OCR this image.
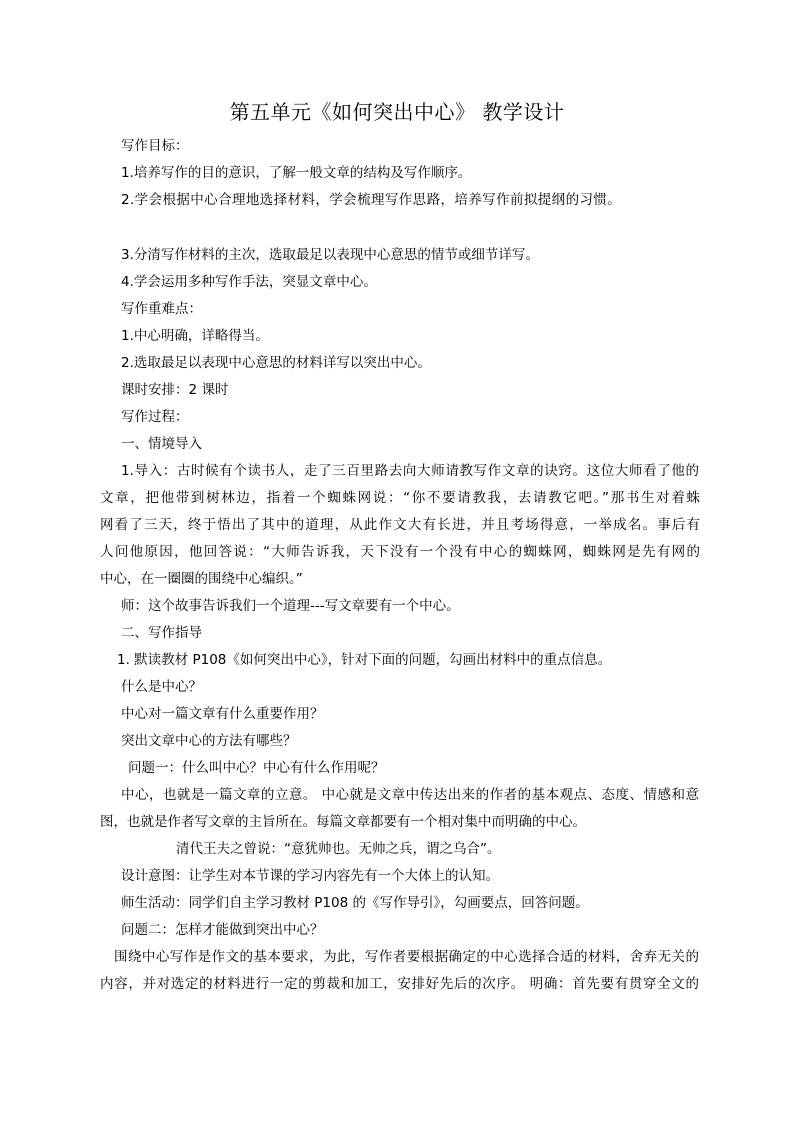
第五单元《如何突出中心》 教学设计
写作目标：
1.培养写作的目的意识，了解一般文章的结构及写作顺序。
2.学会根据中心合理地选择材料，学会梳理写作思路，培养写作前拟提纲的习惯。
3.分清写作材料的主次，选取最足以表现中心意思的情节或细节详写。
4.学会运用多种写作手法，突显文章中心。
写作重难点：
1.中心明确，详略得当。
2.选取最足以表现中心意思的材料详写以突出中心。
课时安排：2 课时
写作过程：
一、情境导入
1.导入：古时候有个读书人，走了三百里路去向大师请教写作文章的诀窍。这位大师看了他的
文章，把他带到树林边，指着一个蜘蛛网说：“你不要请教我，去请教它吧。”那书生对着蛛
网看了三天，终于悟出了其中的道理，从此作文大有长进，并且考场得意，一举成名。事后有
人问他原因，他回答说：“大师告诉我，天下没有一个没有中心的蜘蛛网，蜘蛛网是先有网的
中心，在一圈圈的围绕中心编织。”
师：这个故事告诉我们一个道理---写文章要有一个中心。
二、写作指导
1. 默读教材 P108《如何突出中心》，针对下面的问题，勾画出材料中的重点信息。
什么是中心？
中心对一篇文章有什么重要作用？
突出文章中心的方法有哪些？
问题一：什么叫中心？中心有什么作用呢？
中心，也就是一篇文章的立意。 中心就是文章中传达出来的作者的基本观点、态度、情感和意
图，也就是作者写文章的主旨所在。每篇文章都要有一个相对集中而明确的中心。
清代王夫之曾说：“意犹帅也。无帅之兵，谓之乌合”。
设计意图：让学生对本节课的学习内容先有一个大体上的认知。
师生活动：同学们自主学习教材 P108 的《写作导引》，勾画要点，回答问题。
问题二：怎样才能做到突出中心？
围绕中心写作是作文的基本要求，为此，写作者要根据确定的中心选择合适的材料，舍弃无关的
内容，并对选定的材料进行一定的剪裁和加工，安排好先后的次序。 明确：首先要有贯穿全文的
